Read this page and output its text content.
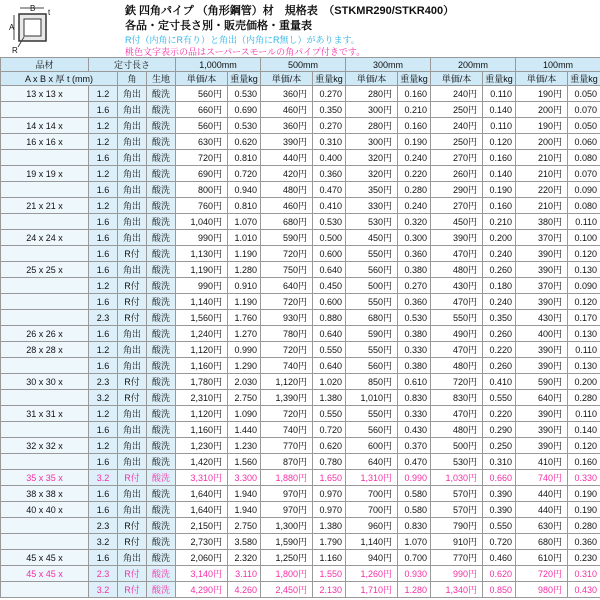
B t
A
R
鉄 四角パイプ （角形鋼管）材　規格表　（STKMR290/STKR400）
各品・定寸長さ別・販売価格・重量表
R付（内角にR有り）と角出（内角にR無し）があります。
桃色文字表示の品はスーパースモールの角パイプ付きです。
品材	定寸長さ			1,000mm		500mm		300mm		200mm		100mm	
A x B x 厚 t (mm)		角	生地	単価/本	重量kg	単価/本	重量kg	単価/本	重量kg	単価/本	重量kg	単価/本	重量kg
13 x 13 x	1.2	角出	酸洗	560円	0.530	360円	0.270	280円	0.160	240円	0.110	190円	0.050
	1.6	角出	酸洗	660円	0.690	460円	0.350	300円	0.210	250円	0.140	200円	0.070
14 x 14 x	1.2	角出	酸洗	560円	0.530	360円	0.270	280円	0.160	240円	0.110	190円	0.050
16 x 16 x	1.2	角出	酸洗	630円	0.620	390円	0.310	300円	0.190	250円	0.120	200円	0.060
	1.6	角出	酸洗	720円	0.810	440円	0.400	320円	0.240	270円	0.160	210円	0.080
19 x 19 x	1.2	角出	酸洗	690円	0.720	420円	0.360	320円	0.220	260円	0.140	210円	0.070
	1.6	角出	酸洗	800円	0.940	480円	0.470	350円	0.280	290円	0.190	220円	0.090
21 x 21 x	1.2	角出	酸洗	760円	0.810	460円	0.410	330円	0.240	270円	0.160	210円	0.080
	1.6	角出	酸洗	1,040円	1.070	680円	0.530	530円	0.320	450円	0.210	380円	0.110
24 x 24 x	1.6	角出	酸洗	990円	1.010	590円	0.500	450円	0.300	390円	0.200	370円	0.100
	1.6	R付	酸洗	1,130円	1.190	720円	0.600	550円	0.360	470円	0.240	390円	0.120
25 x 25 x	1.6	角出	酸洗	1,190円	1.280	750円	0.640	560円	0.380	480円	0.260	390円	0.130
	1.2	R付	酸洗	990円	0.910	640円	0.450	500円	0.270	430円	0.180	370円	0.090
	1.6	R付	酸洗	1,140円	1.190	720円	0.600	550円	0.360	470円	0.240	390円	0.120
	2.3	R付	酸洗	1,560円	1.760	930円	0.880	680円	0.530	550円	0.350	430円	0.170
26 x 26 x	1.6	角出	酸洗	1,240円	1.270	780円	0.640	590円	0.380	490円	0.260	400円	0.130
28 x 28 x	1.2	角出	酸洗	1,120円	0.990	720円	0.550	550円	0.330	470円	0.220	390円	0.110
	1.6	角出	酸洗	1,160円	1.290	740円	0.640	560円	0.380	480円	0.260	390円	0.130
30 x 30 x	2.3	R付	酸洗	1,780円	2.030	1,120円	1.020	850円	0.610	720円	0.410	590円	0.200
	3.2	R付	酸洗	2,310円	2.750	1,390円	1.380	1,010円	0.830	830円	0.550	640円	0.280
31 x 31 x	1.2	角出	酸洗	1,120円	1.090	720円	0.550	550円	0.330	470円	0.220	390円	0.110
	1.6	角出	酸洗	1,160円	1.440	740円	0.720	560円	0.430	480円	0.290	390円	0.140
32 x 32 x	1.2	角出	酸洗	1,230円	1.230	770円	0.620	600円	0.370	500円	0.250	390円	0.120
	1.6	角出	酸洗	1,420円	1.560	870円	0.780	640円	0.470	530円	0.310	410円	0.160
35 x 35 x	3.2	R付	酸洗	3,310円	3.300	1,880円	1.650	1,310円	0.990	1,030円	0.660	740円	0.330
38 x 38 x	1.6	角出	酸洗	1,640円	1.940	970円	0.970	700円	0.580	570円	0.390	440円	0.190
40 x 40 x	1.6	角出	酸洗	1,640円	1.940	970円	0.970	700円	0.580	570円	0.390	440円	0.190
	2.3	R付	酸洗	2,150円	2.750	1,300円	1.380	960円	0.830	790円	0.550	630円	0.280
	3.2	R付	酸洗	2,730円	3.580	1,590円	1.790	1,140円	1.070	910円	0.720	680円	0.360
45 x 45 x	1.6	角出	酸洗	2,060円	2.320	1,250円	1.160	940円	0.700	770円	0.460	610円	0.230
45 x 45 x	2.3	R付	酸洗	3,140円	3.110	1,800円	1.550	1,260円	0.930	990円	0.620	720円	0.310
	3.2	R付	酸洗	4,290円	4.260	2,450円	2.130	1,710円	1.280	1,340円	0.850	980円	0.430
